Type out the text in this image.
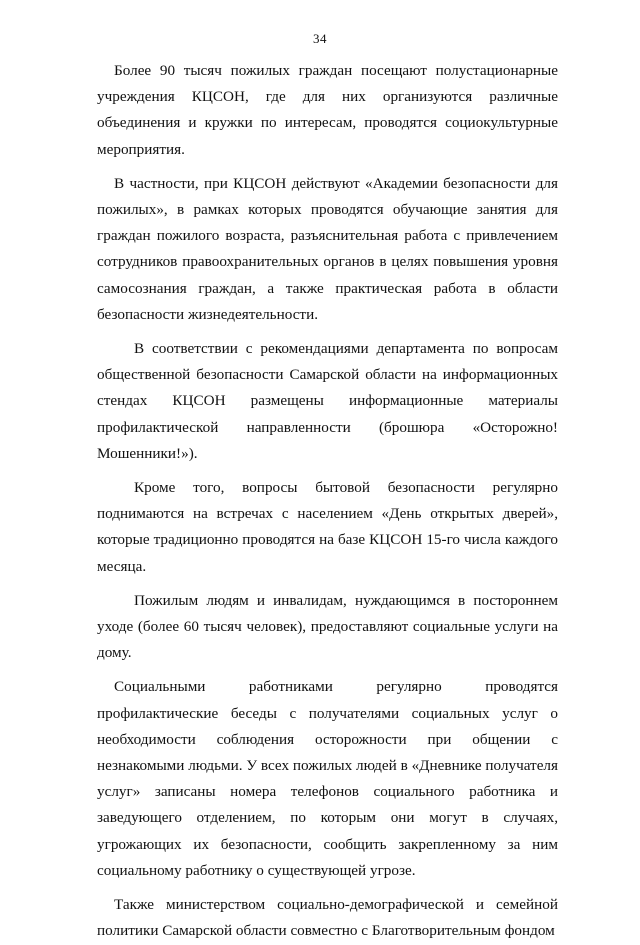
34

Более 90 тысяч пожилых граждан посещают полустационарные учреждения КЦСОН, где для них организуются различные объединения и кружки по интересам, проводятся социокультурные мероприятия.

В частности, при КЦСОН действуют «Академии безопасности для пожилых», в рамках которых проводятся обучающие занятия для граждан пожилого возраста, разъяснительная работа с привлечением сотрудников правоохранительных органов в целях повышения уровня самосознания граждан, а также практическая работа в области безопасности жизнедеятельности.

В соответствии с рекомендациями департамента по вопросам общественной безопасности Самарской области на информационных стендах КЦСОН размещены информационные материалы профилактической направленности (брошюра «Осторожно! Мошенники!»).

Кроме того, вопросы бытовой безопасности регулярно поднимаются на встречах с населением «День открытых дверей», которые традиционно проводятся на базе КЦСОН 15-го числа каждого месяца.

Пожилым людям и инвалидам, нуждающимся в постороннем уходе (более 60 тысяч человек), предоставляют социальные услуги на дому.

Социальными работниками регулярно проводятся профилактические беседы с получателями социальных услуг о необходимости соблюдения осторожности при общении с незнакомыми людьми. У всех пожилых людей в «Дневнике получателя услуг» записаны номера телефонов социального работника и заведующего отделением, по которым они могут в случаях, угрожающих их безопасности, сообщить закрепленному за ним социальному работнику о существующей угрозе.

Также министерством социально-демографической и семейной политики Самарской области совместно с Благотворительным фондом
